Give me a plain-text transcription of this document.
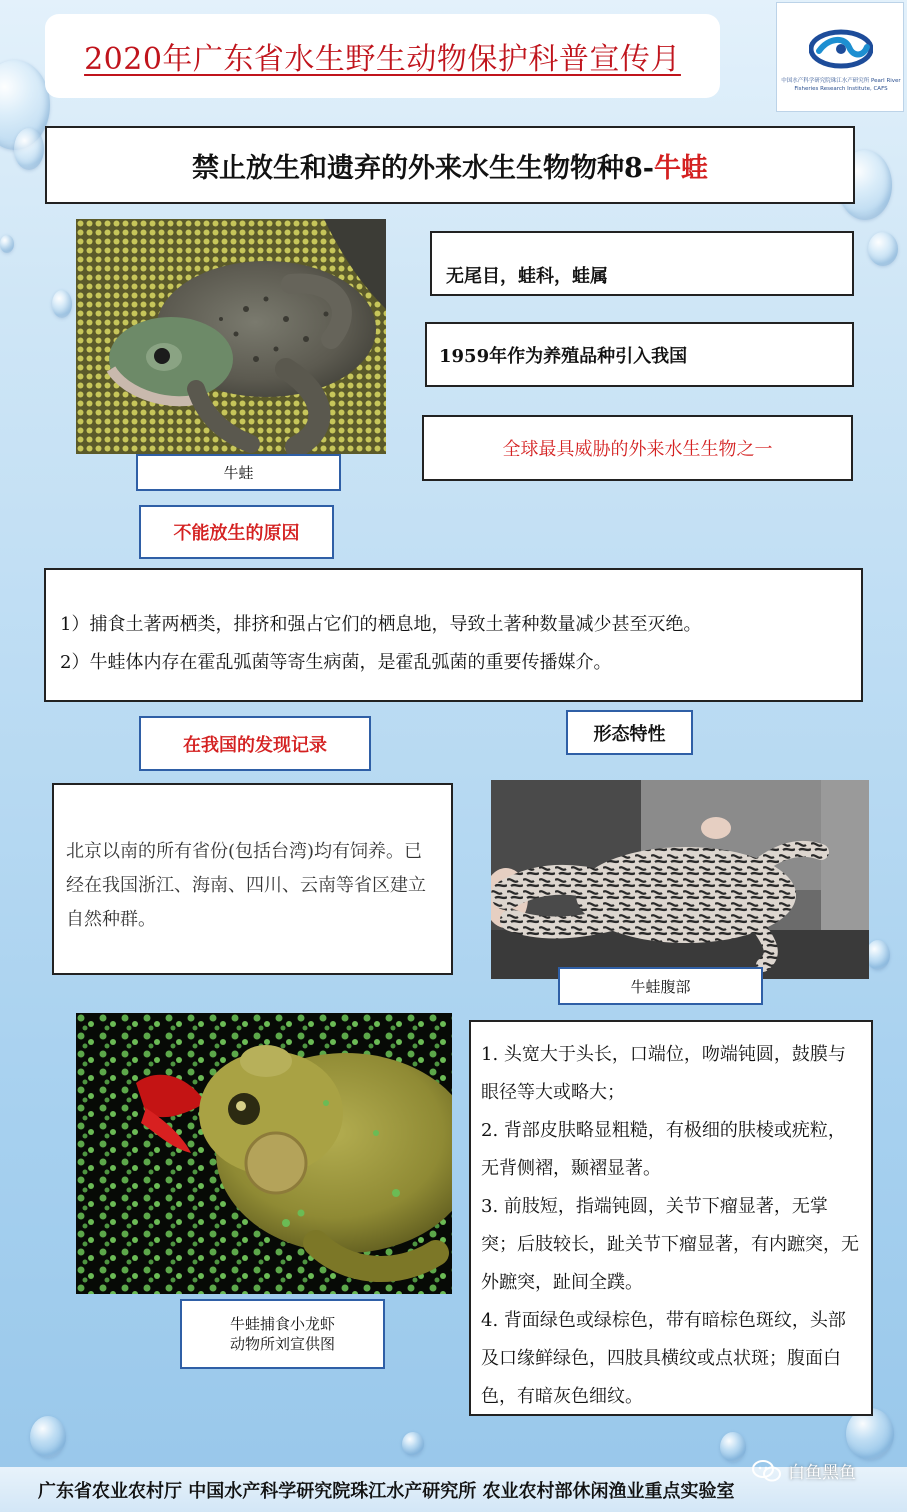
2020年广东省水生野生动物保护科普宣传月
中国水产科学研究院珠江水产研究所 Pearl River Fisheries Research Institute, CAFS
禁止放生和遗弃的外来水生生物物种8-牛蛙
牛蛙
无尾目，蛙科，蛙属
1959年作为养殖品种引入我国
全球最具威胁的外来水生生物之一
不能放生的原因

1）捕食土著两栖类，排挤和强占它们的栖息地，导致土著种数量减少甚至灭绝。

2）牛蛙体内存在霍乱弧菌等寄生病菌，是霍乱弧菌的重要传播媒介。

在我国的发现记录
形态特性

北京以南的所有省份(包括台湾)均有饲养。已经在我国浙江、海南、四川、云南等省区建立自然种群。

牛蛙腹部
牛蛙捕食小龙虾
动物所刘宣供图

1. 头宽大于头长，口端位，吻端钝圆，鼓膜与眼径等大或略大；

2. 背部皮肤略显粗糙，有极细的肤棱或疣粒，无背侧褶，颞褶显著。

3. 前肢短，指端钝圆，关节下瘤显著，无掌突；后肢较长，趾关节下瘤显著，有内蹠突，无外蹠突，趾间全蹼。

4. 背面绿色或绿棕色，带有暗棕色斑纹，头部及口缘鲜绿色，四肢具横纹或点状斑；腹面白色，有暗灰色细纹。

广东省农业农村厅 中国水产科学研究院珠江水产研究所 农业农村部休闲渔业重点实验室
白鱼黑鱼
